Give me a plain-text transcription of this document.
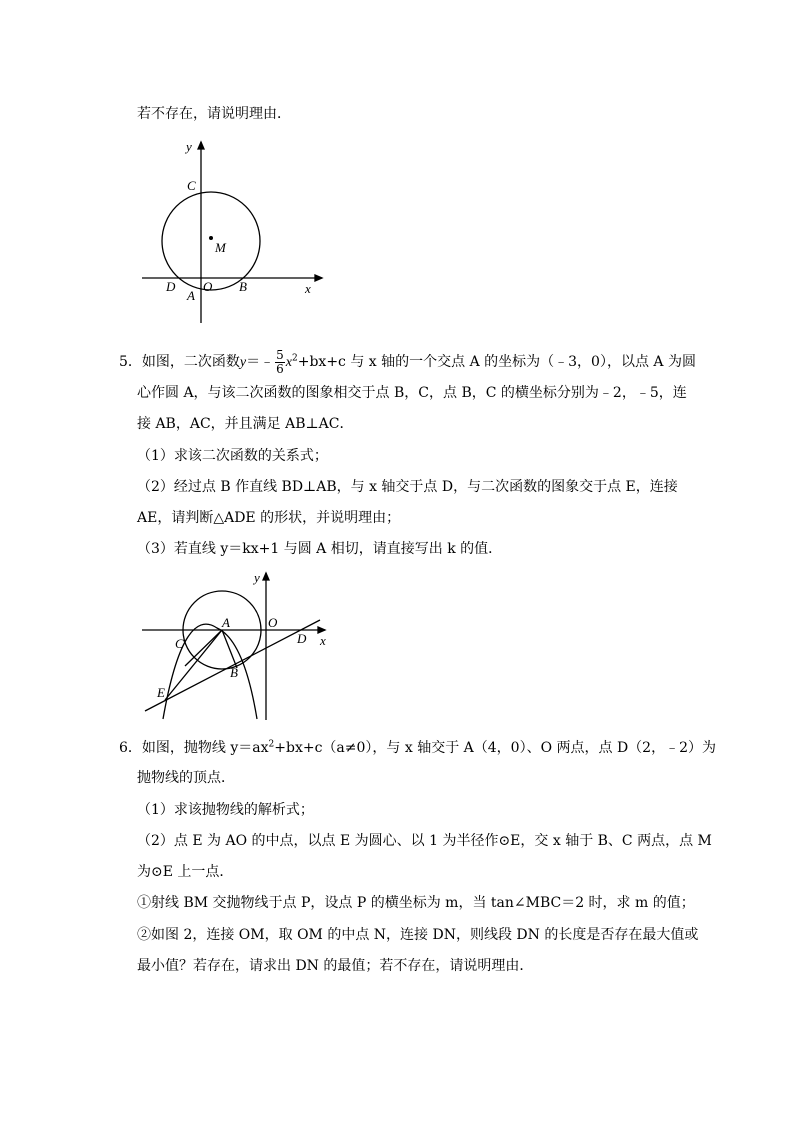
若不存在，请说明理由．
y
x
C
M
D O B
A
5．如图，二次函数y＝﹣ $\frac{5}{6} x^2+bx+c$ 与 x 轴的一个交点 A 的坐标为（﹣3，0），以点 A 为圆
心作圆 A，与该二次函数的图象相交于点 B，C，点 B，C 的横坐标分别为﹣2，﹣5，连
接 AB，AC，并且满足 AB⊥AC．
（1）求该二次函数的关系式；
（2）经过点 B 作直线 BD⊥AB，与 x 轴交于点 D，与二次函数的图象交于点 E，连接
AE，请判断△ADE 的形状，并说明理由；
（3）若直线 y＝kx+1 与圆 A 相切，请直接写出 k 的值．
y
A	O
C	D x
B
E
6．如图，抛物线 $y=ax^2+bx+c(a\ne 0)$，与 x 轴交于 A（4，0）、O 两点，点 D（2，﹣2）为
抛物线的顶点．
（1）求该抛物线的解析式；
（2）点 E 为 AO 的中点，以点 E 为圆心、以 1 为半径作⊙E，交 x 轴于 B、C 两点，点 M
为⊙E 上一点．
①射线 BM 交抛物线于点 P，设点 P 的横坐标为 m，当 tan∠MBC＝2 时，求 m 的值；
②如图 2，连接 OM，取 OM 的中点 N，连接 DN，则线段 DN 的长度是否存在最大值或
最小值？若存在，请求出 DN 的最值；若不存在，请说明理由．
